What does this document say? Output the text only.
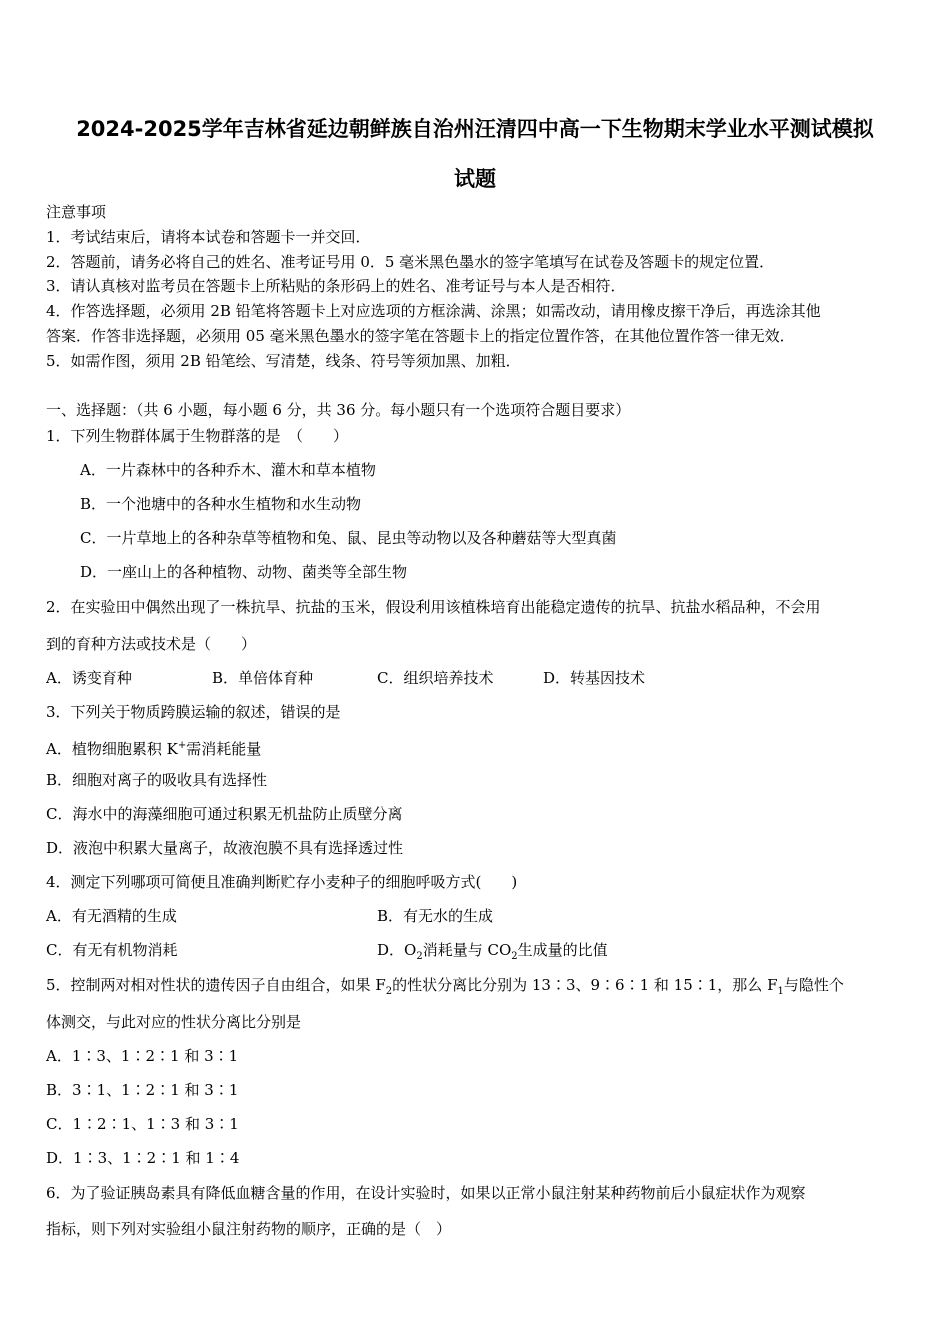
2024-2025学年吉林省延边朝鲜族自治州汪清四中高一下生物期末学业水平测试模拟
试题
注意事项
1．考试结束后，请将本试卷和答题卡一并交回．
2．答题前，请务必将自己的姓名、准考证号用 0．5 毫米黑色墨水的签字笔填写在试卷及答题卡的规定位置．
3．请认真核对监考员在答题卡上所粘贴的条形码上的姓名、准考证号与本人是否相符．
4．作答选择题，必须用 2B 铅笔将答题卡上对应选项的方框涂满、涂黑；如需改动，请用橡皮擦干净后，再选涂其他
答案．作答非选择题，必须用 05 毫米黑色墨水的签字笔在答题卡上的指定位置作答，在其他位置作答一律无效．
5．如需作图，须用 2B 铅笔绘、写清楚，线条、符号等须加黑、加粗．
一、选择题：（共 6 小题，每小题 6 分，共 36 分。每小题只有一个选项符合题目要求）
1．下列生物群体属于生物群落的是　（　　）
A．一片森林中的各种乔木、灌木和草本植物
B．一个池塘中的各种水生植物和水生动物
C．一片草地上的各种杂草等植物和兔、鼠、昆虫等动物以及各种蘑菇等大型真菌
D．一座山上的各种植物、动物、菌类等全部生物
2．在实验田中偶然出现了一株抗旱、抗盐的玉米，假设利用该植株培育出能稳定遗传的抗旱、抗盐水稻品种，不会用
到的育种方法或技术是（　　）
A．诱变育种	B．单倍体育种	C．组织培养技术	D．转基因技术
3．下列关于物质跨膜运输的叙述，错误的是
A．植物细胞累积 K+需消耗能量
B．细胞对离子的吸收具有选择性
C．海水中的海藻细胞可通过积累无机盐防止质壁分离
D．液泡中积累大量离子，故液泡膜不具有选择透过性
4．测定下列哪项可简便且准确判断贮存小麦种子的细胞呼吸方式(　　)
A．有无酒精的生成	B．有无水的生成
C．有无有机物消耗	D．$O_2$消耗量与 $CO_2$生成量的比值
5．控制两对相对性状的遗传因子自由组合，如果 $F_2$的性状分离比分别为 13∶3、9∶6∶1 和 15∶1，那么 $F_1$与隐性个
体测交，与此对应的性状分离比分别是
A．1∶3、1∶2∶1 和 3∶1
B．3∶1、1∶2∶1 和 3∶1
C．1∶2∶1、1∶3 和 3∶1
D．1∶3、1∶2∶1 和 1∶4
6．为了验证胰岛素具有降低血糖含量的作用，在设计实验时，如果以正常小鼠注射某种药物前后小鼠症状作为观察
指标，则下列对实验组小鼠注射药物的顺序，正确的是（　）
